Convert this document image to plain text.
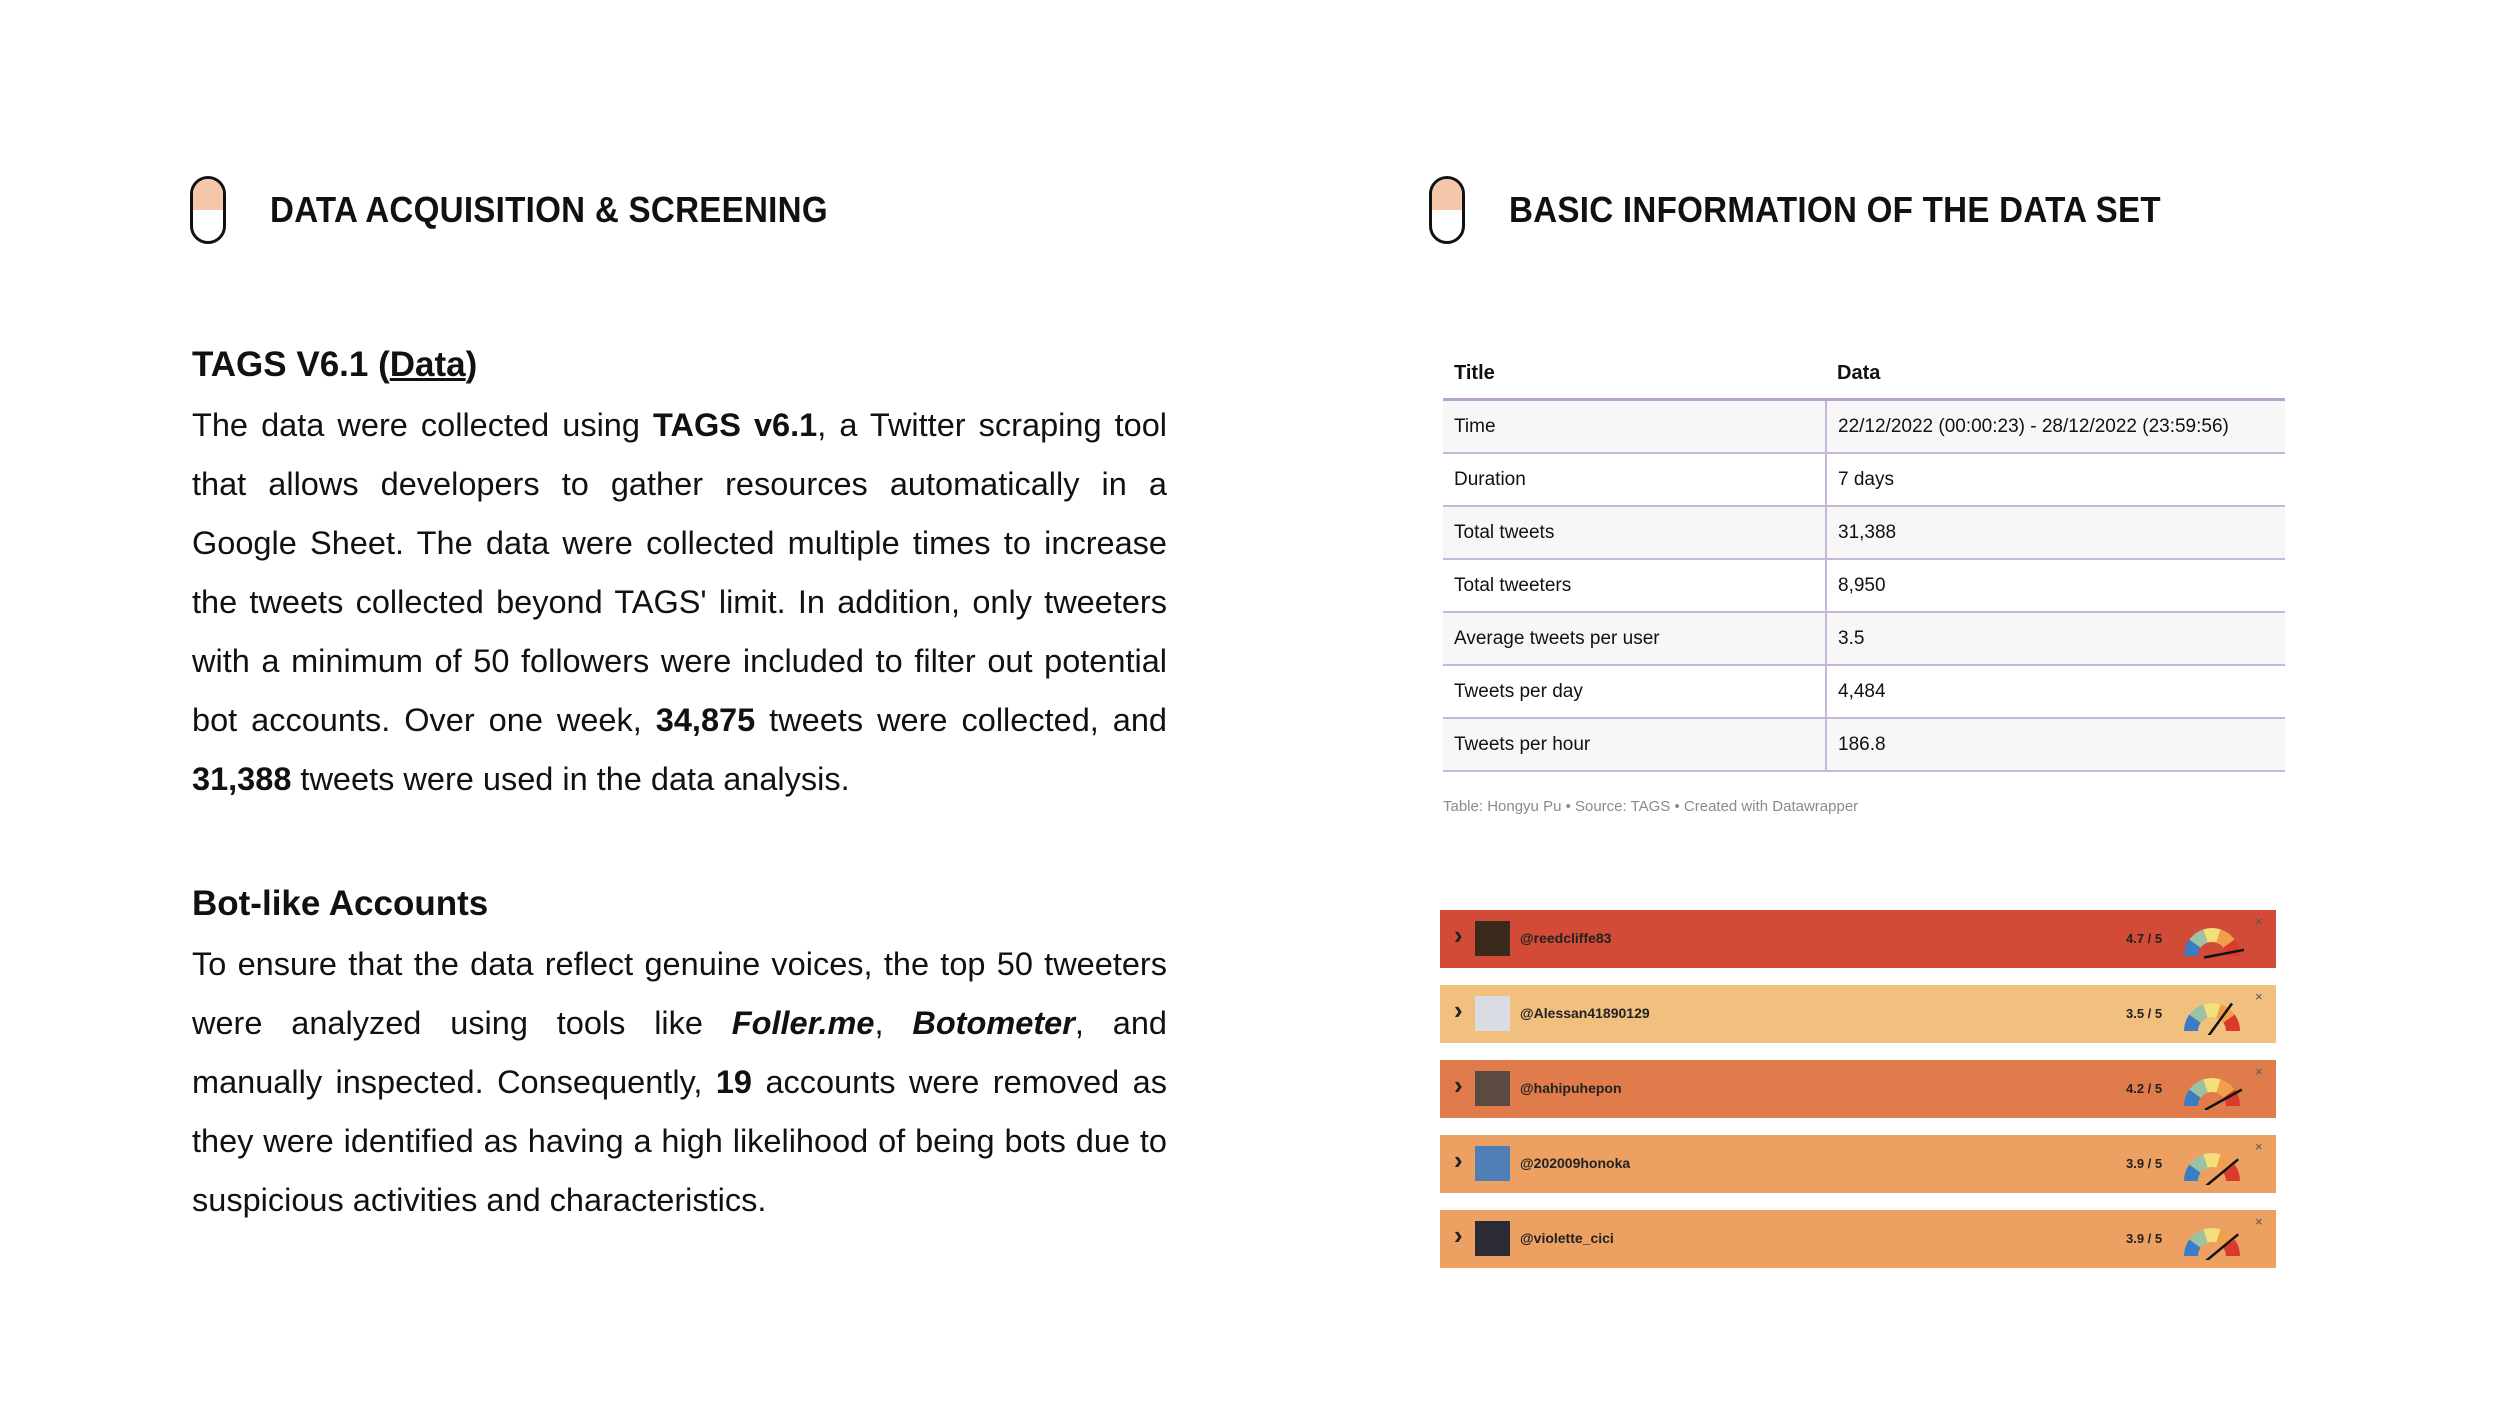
DATA ACQUISITION & SCREENING	BASIC INFORMATION OF THE DATA SET
TAGS V6.1 (Data)

The data were collected using TAGS v6.1, a Twitter scraping tool that allows developers to gather resources automatically in a Google Sheet. The data were collected multiple times to increase the tweets collected beyond TAGS' limit. In addition, only tweeters with a minimum of 50 followers were included to filter out potential bot accounts. Over one week, 34,875 tweets were collected, and 31,388 tweets were used in the data analysis.

Bot-like Accounts

To ensure that the data reflect genuine voices, the top 50 tweeters were analyzed using tools like Foller.me, Botometer, and manually inspected. Consequently, 19 accounts were removed as they were identified as having a high likelihood of being bots due to suspicious activities and characteristics.

Title	Data
Time	22/12/2022 (00:00:23) - 28/12/2022 (23:59:56)
Duration	7 days
Total tweets	31,388
Total tweeters	8,950
Average tweets per user	3.5
Tweets per day	4,484
Tweets per hour	186.8
Table: Hongyu Pu • Source: TAGS • Created with Datawrapper
›	@reedcliffe83	4.7 / 5
×
›	@Alessan41890129	3.5 / 5
×
›	@hahipuhepon	4.2 / 5
×
›	@202009honoka	3.9 / 5
×
›	@violette_cici	3.9 / 5
×
